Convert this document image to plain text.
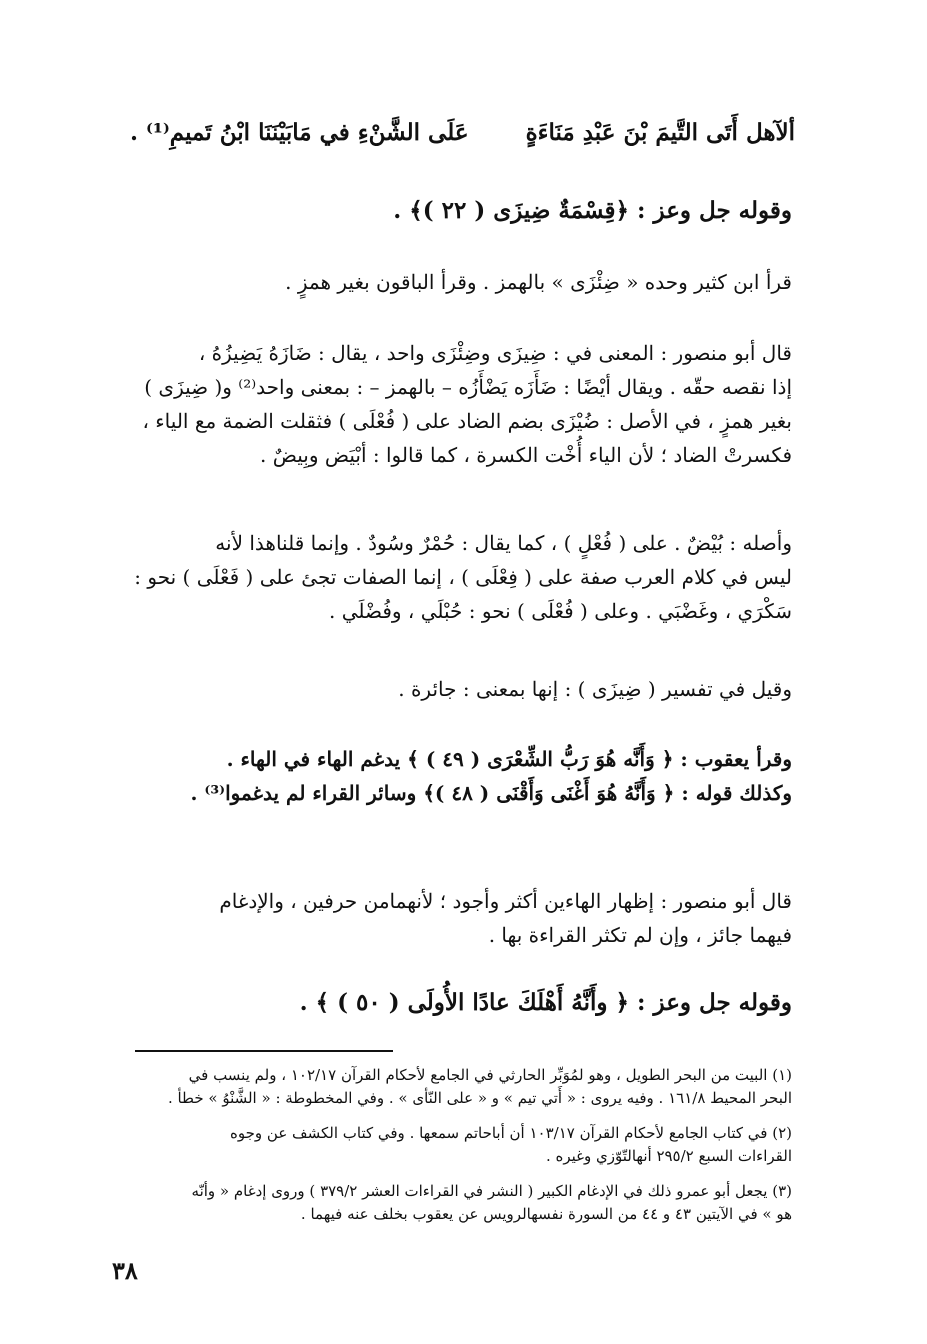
ألآهل أَتَى التَّيمَ بْنَ عَبْدِ مَنَاءَةٍ
عَلَى الشَّنْءِ في مَابَيْنَنَا ابْنُ تَميمِ⁽¹⁾ .
وقوله جل وعز : ﴿قِسْمَةٌ ضِيزَى ( ٢٢ )﴾ .
قرأ ابن كثير وحده « ضِئْزَى » بالهمز . وقرأ الباقون بغير همزٍ .
قال أبو منصور : المعنى في : ضِيزَى وضِئْزَى واحد ، يقال : ضَازَهُ يَضِيزُهُ ،
إذا نقصه حقّه . ويقال أيْضًا : ضَأَزَه يَضْأَزُه – بالهمز – : بمعنى واحد⁽²⁾ و( ضِيزَى )
بغير همزٍ ، في الأصل : ضُيْزَى بضم الضاد على ( فُعْلَى ) فثقلت الضمة مع الياء ،
فكسرتْ الضاد ؛ لأن الياء أُخْت الكسرة ، كما قالوا : أبْيَض وبِيضٌ .
وأصله : بُيْضٌ . على ( فُعْلٍ ) ، كما يقال : حُمْرٌ وسُودٌ . وإنما قلناهذا لأنه
ليس في كلام العرب صفة على ( فِعْلَى ) ، إنما الصفات تجئ على ( فَعْلَى ) نحو :
سَكْرَي ، وغَضْبَي . وعلى ( فُعْلَى ) نحو : حُبْلَي ، وفُضْلَي .
وقيل في تفسير ( ضِيزَى ) : إنها بمعنى : جائرة .
وقرأ يعقوب : ﴿ وَأَنَّه هُوَ رَبُّ الشِّعْرَى ( ٤٩ ) ﴾ يدغم الهاء في الهاء .
وكذلك قوله : ﴿ وَأَنَّهُ هُوَ أَغْنَى وَأَقْنَى ( ٤٨ )﴾ وسائر القراء لم يدغموا⁽³⁾ .
قال أبو منصور : إظهار الهاءين أكثر وأجود ؛ لأنهمامن حرفين ، والإدغام
فيهما جائز ، وإن لم تكثر القراءة بها .
وقوله جل وعز : ﴿ وأَنَّهُ أَهْلَكَ عادًا الأُولَى ( ٥٠ ) ﴾ .
(١) البيت من البحر الطويل ، وهو لمُوَبِّر الحارثي في الجامع لأحكام القرآن ١٠٢/١٧ ، ولم ينسب في
البحر المحيط ١٦١/٨ . وفيه يروى : « أَتي تيم » و « على النّأى » . وفي المخطوطة : « الشَّنْوُ » خطأ .
(٢) في كتاب الجامع لأحكام القرآن ١٠٣/١٧ أن أباحاتم سمعها . وفي كتاب الكشف عن وجوه
القراءات السبع ٢٩٥/٢ أنهالتّوّزي وغيره .
(٣) يجعل أبو عمرو ذلك في الإدغام الكبير ( النشر في القراءات العشر ٣٧٩/٢ ) وروى إدغام « وأنّه
هو » في الآيتين ٤٣ و ٤٤ من السورة نفسهالرويس عن يعقوب بخلف عنه فيهما .
٣٨
